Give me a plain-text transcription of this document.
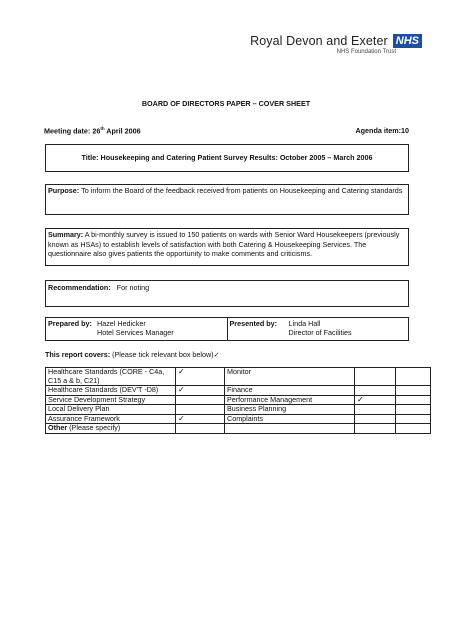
Royal Devon and Exeter NHS
NHS Foundation Trust
BOARD OF DIRECTORS PAPER – COVER SHEET
Meeting date: 26th April 2006	Agenda item:10
Title: Housekeeping and Catering Patient Survey Results: October 2005 – March 2006
Purpose: To inform the Board of the feedback received from patients on Housekeeping and Catering standards
Summary: A bi-monthly survey is issued to 150 patients on wards with Senior Ward Housekeepers (previously known as HSAs) to establish levels of satisfaction with both Catering & Housekeeping Services. The questionnaire also gives patients the opportunity to make comments and criticisms.
Recommendation: For noting
Prepared by: Hazel Hedicker
Hotel Services Manager
Presented by:	Linda Hall
Director of Facilities
This report covers: (Please tick relevant box below)✓
Healthcare Standards (CORE - C4a, C15 a & b, C21)	✓	Monitor		
Healthcare Standards (DEV'T -D8)	✓	Finance		
Service Development Strategy		Performance Management	✓	
Local Delivery Plan		Business Planning		
Assurance Framework	✓	Complaints		
Other (Please specify)				
